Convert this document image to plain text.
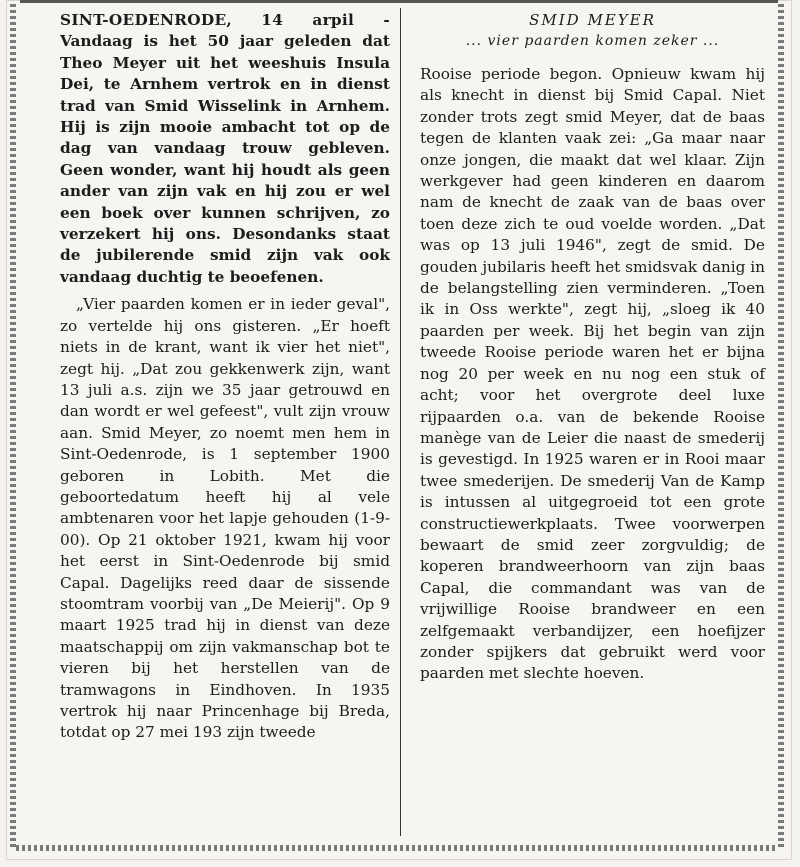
SINT-OEDENRODE, 14 arpil - Vandaag is het 50 jaar geleden dat Theo Meyer uit het weeshuis Insula Dei, te Arnhem vertrok en in dienst trad van Smid Wisselink in Arnhem. Hij is zijn mooie ambacht tot op de dag van vandaag trouw gebleven. Geen wonder, want hij houdt als geen ander van zijn vak en hij zou er wel een boek over kunnen schrijven, zo verzekert hij ons. Desondanks staat de jubilerende smid zijn vak ook vandaag duchtig te beoefenen.

„Vier paarden komen er in ieder geval", zo vertelde hij ons gisteren. „Er hoeft niets in de krant, want ik vier het niet", zegt hij. „Dat zou gekkenwerk zijn, want 13 juli a.s. zijn we 35 jaar getrouwd en dan wordt er wel gefeest", vult zijn vrouw aan. Smid Meyer, zo noemt men hem in Sint-Oedenrode, is 1 september 1900 geboren in Lobith. Met die geboortedatum heeft hij al vele ambtenaren voor het lapje gehouden (1-9-00). Op 21 oktober 1921, kwam hij voor het eerst in Sint-Oedenrode bij smid Capal. Dagelijks reed daar de sissende stoomtram voorbij van „De Meierij". Op 9 maart 1925 trad hij in dienst van deze maatschappij om zijn vakmanschap bot te vieren bij het herstellen van de tramwagons in Eindhoven. In 1935 vertrok hij naar Princenhage bij Breda, totdat op 27 mei 193 zijn tweede

SMID MEYER

... vier paarden komen zeker ...

Rooise periode begon. Opnieuw kwam hij als knecht in dienst bij Smid Capal. Niet zonder trots zegt smid Meyer, dat de baas tegen de klanten vaak zei: „Ga maar naar onze jongen, die maakt dat wel klaar. Zijn werkgever had geen kinderen en daarom nam de knecht de zaak van de baas over toen deze zich te oud voelde worden. „Dat was op 13 juli 1946", zegt de smid. De gouden jubilaris heeft het smidsvak danig in de belangstelling zien verminderen. „Toen ik in Oss werkte", zegt hij, „sloeg ik 40 paarden per week. Bij het begin van zijn tweede Rooise periode waren het er bijna nog 20 per week en nu nog een stuk of acht; voor het overgrote deel luxe rijpaarden o.a. van de bekende Rooise manège van de Leier die naast de smederij is gevestigd. In 1925 waren er in Rooi maar twee smederijen. De smederij Van de Kamp is intussen al uitgegroeid tot een grote constructiewerkplaats. Twee voorwerpen bewaart de smid zeer zorgvuldig; de koperen brandweerhoorn van zijn baas Capal, die commandant was van de vrijwillige Rooise brandweer en een zelfgemaakt verbandijzer, een hoefijzer zonder spijkers dat gebruikt werd voor paarden met slechte hoeven.
